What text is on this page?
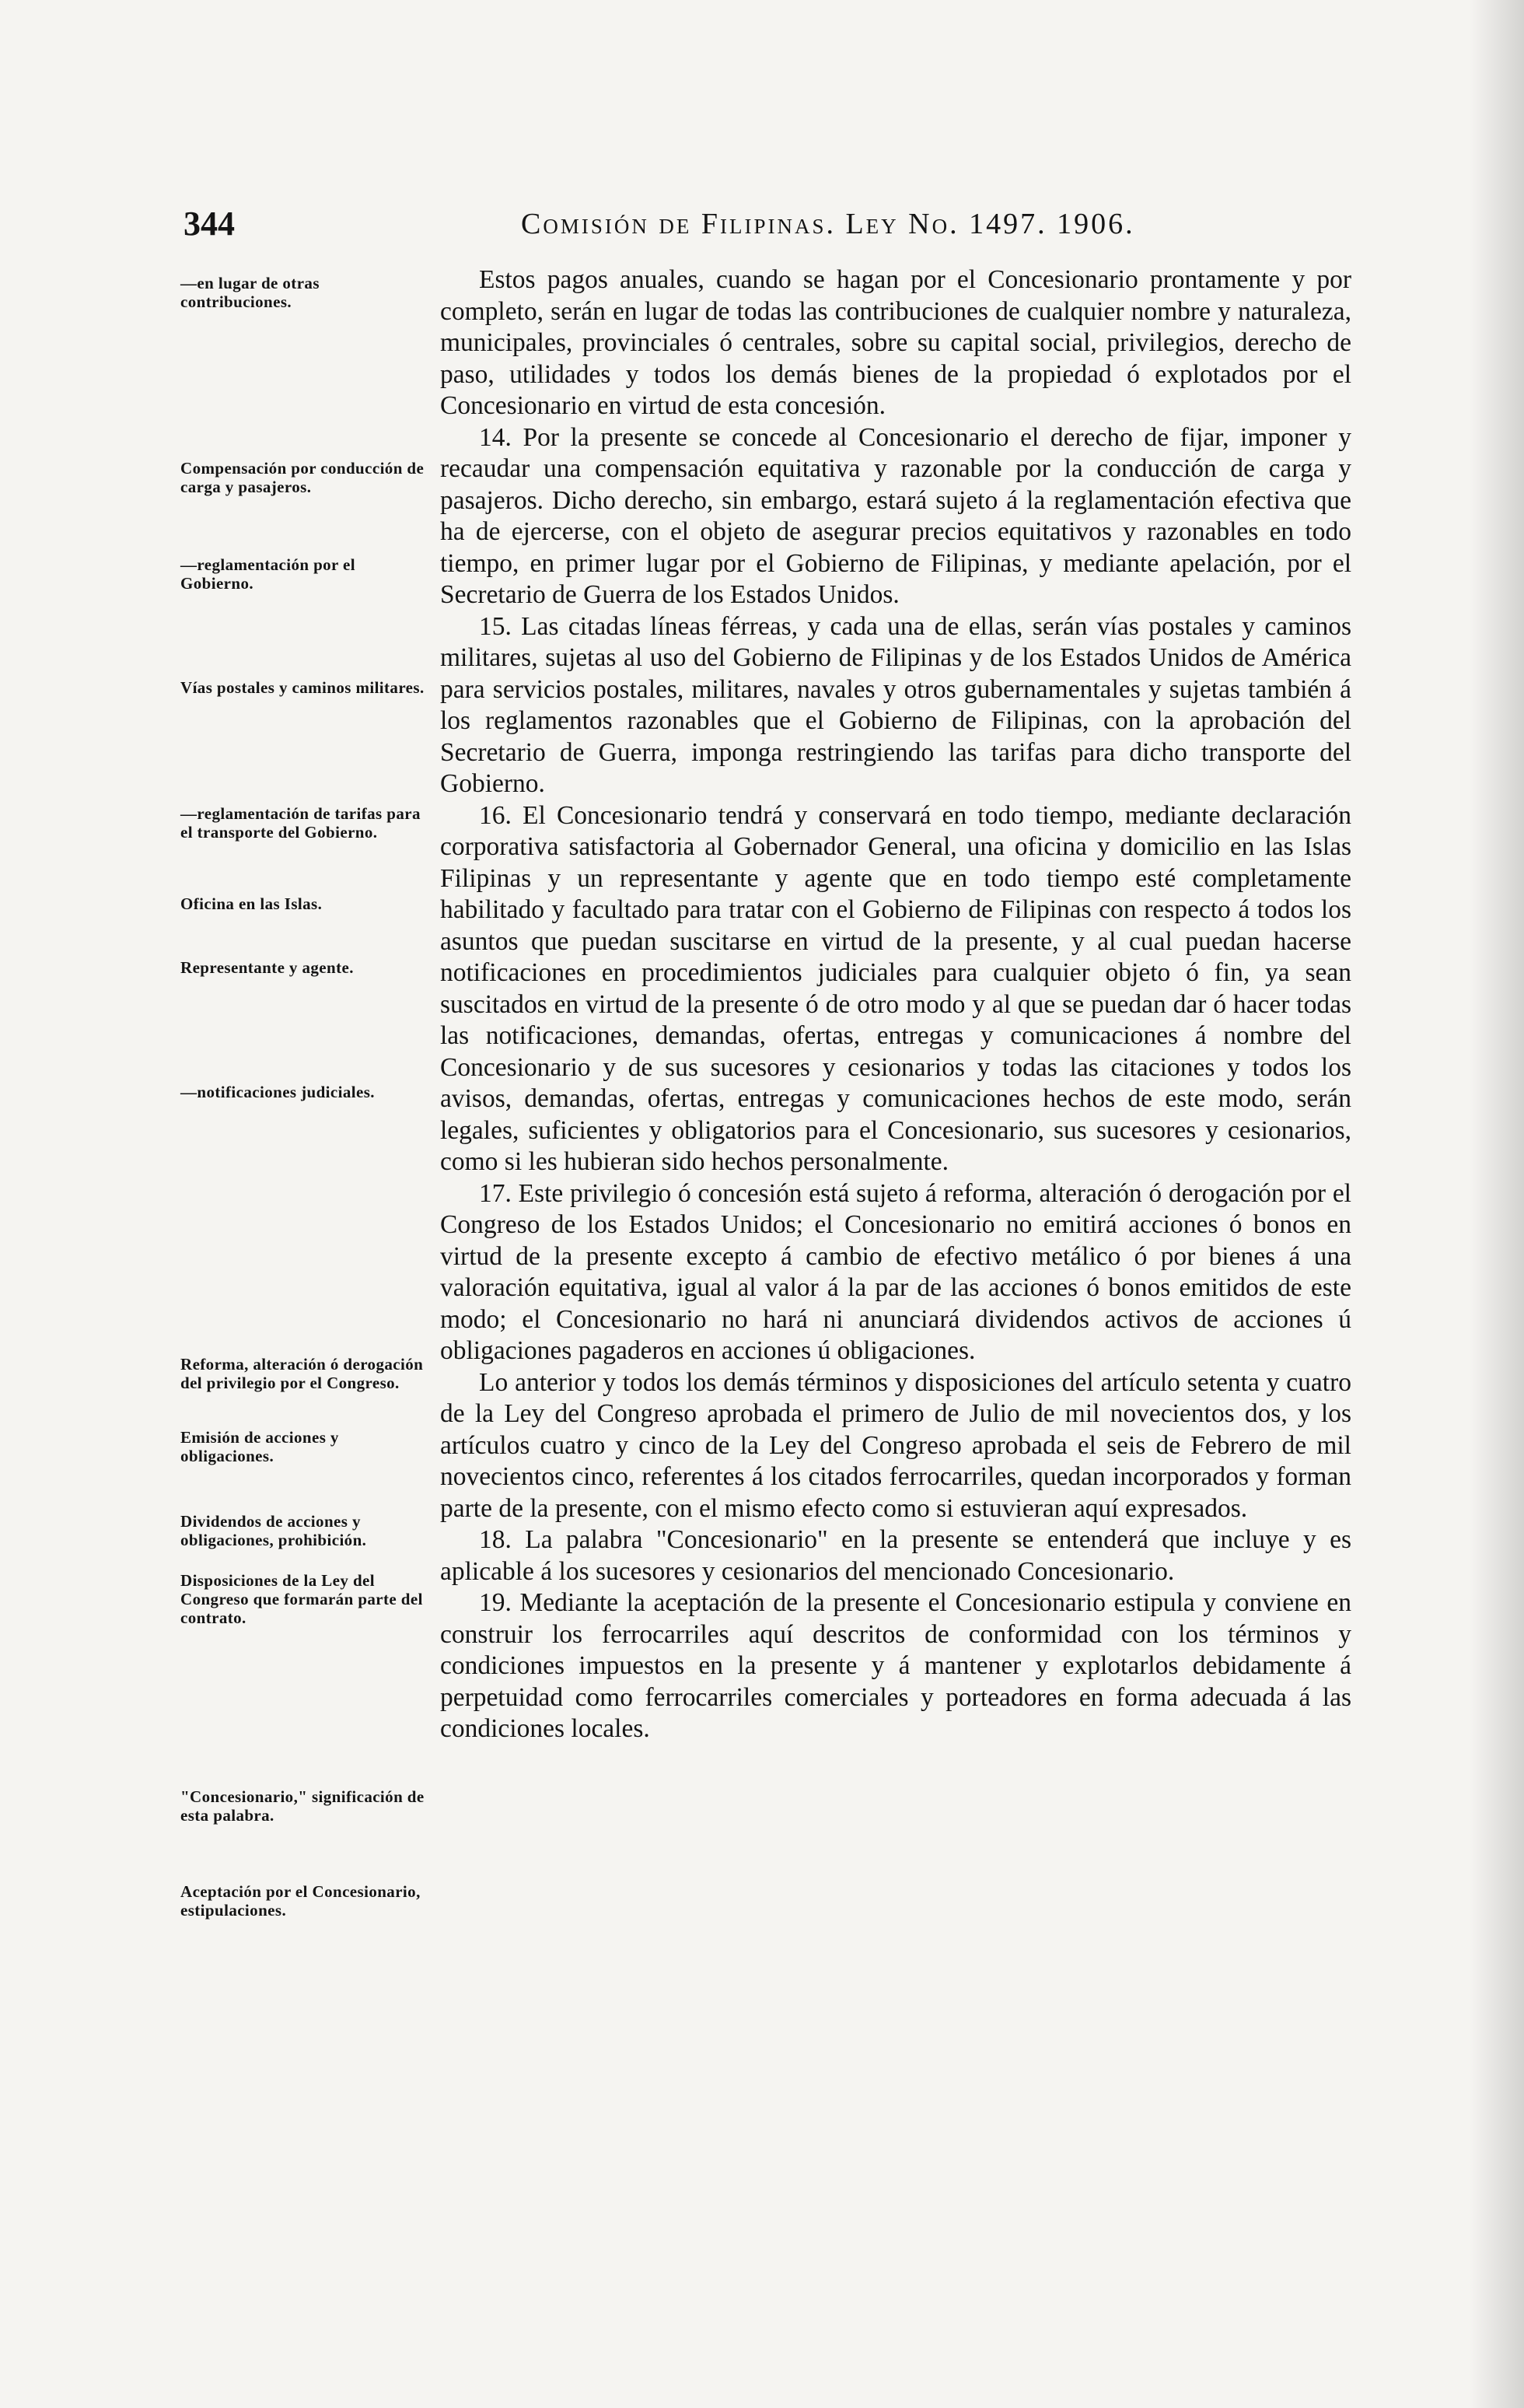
344	Comisión de Filipinas. Ley No. 1497. 1906.
—en lugar de otras contribuciones.
Compensación por conducción de carga y pasajeros.
—reglamentación por el Gobierno.
Vías postales y caminos militares.
—reglamentación de tarifas para el transporte del Gobierno.
Oficina en las Islas.
Representante y agente.
—notificaciones judiciales.
Reforma, alteración ó derogación del privilegio por el Congreso.
Emisión de acciones y obligaciones.
Dividendos de acciones y obligaciones, prohibición.
Disposiciones de la Ley del Congreso que formarán parte del contrato.
"Concesionario," significación de esta palabra.
Aceptación por el Concesionario, estipulaciones.

Estos pagos anuales, cuando se hagan por el Concesionario prontamente y por completo, serán en lugar de todas las contribuciones de cualquier nombre y naturaleza, municipales, provinciales ó centrales, sobre su capital social, privilegios, derecho de paso, utilidades y todos los demás bienes de la propiedad ó explotados por el Concesionario en virtud de esta concesión.

14. Por la presente se concede al Concesionario el derecho de fijar, imponer y recaudar una compensación equitativa y razonable por la conducción de carga y pasajeros. Dicho derecho, sin embargo, estará sujeto á la reglamentación efectiva que ha de ejercerse, con el objeto de asegurar precios equitativos y razonables en todo tiempo, en primer lugar por el Gobierno de Filipinas, y mediante apelación, por el Secretario de Guerra de los Estados Unidos.

15. Las citadas líneas férreas, y cada una de ellas, serán vías postales y caminos militares, sujetas al uso del Gobierno de Filipinas y de los Estados Unidos de América para servicios postales, militares, navales y otros gubernamentales y sujetas también á los reglamentos razonables que el Gobierno de Filipinas, con la aprobación del Secretario de Guerra, imponga restringiendo las tarifas para dicho transporte del Gobierno.

16. El Concesionario tendrá y conservará en todo tiempo, mediante declaración corporativa satisfactoria al Gobernador General, una oficina y domicilio en las Islas Filipinas y un representante y agente que en todo tiempo esté completamente habilitado y facultado para tratar con el Gobierno de Filipinas con respecto á todos los asuntos que puedan suscitarse en virtud de la presente, y al cual puedan hacerse notificaciones en procedimientos judiciales para cualquier objeto ó fin, ya sean suscitados en virtud de la presente ó de otro modo y al que se puedan dar ó hacer todas las notificaciones, demandas, ofertas, entregas y comunicaciones á nombre del Concesionario y de sus sucesores y cesionarios y todas las citaciones y todos los avisos, demandas, ofertas, entregas y comunicaciones hechos de este modo, serán legales, suficientes y obligatorios para el Concesionario, sus sucesores y cesionarios, como si les hubieran sido hechos personalmente.

17. Este privilegio ó concesión está sujeto á reforma, alteración ó derogación por el Congreso de los Estados Unidos; el Concesionario no emitirá acciones ó bonos en virtud de la presente excepto á cambio de efectivo metálico ó por bienes á una valoración equitativa, igual al valor á la par de las acciones ó bonos emitidos de este modo; el Concesionario no hará ni anunciará dividendos activos de acciones ú obligaciones pagaderos en acciones ú obligaciones.

Lo anterior y todos los demás términos y disposiciones del artículo setenta y cuatro de la Ley del Congreso aprobada el primero de Julio de mil novecientos dos, y los artículos cuatro y cinco de la Ley del Congreso aprobada el seis de Febrero de mil novecientos cinco, referentes á los citados ferrocarriles, quedan incorporados y forman parte de la presente, con el mismo efecto como si estuvieran aquí expresados.

18. La palabra "Concesionario" en la presente se entenderá que incluye y es aplicable á los sucesores y cesionarios del mencionado Concesionario.

19. Mediante la aceptación de la presente el Concesionario estipula y conviene en construir los ferrocarriles aquí descritos de conformidad con los términos y condiciones impuestos en la presente y á mantener y explotarlos debidamente á perpetuidad como ferrocarriles comerciales y porteadores en forma adecuada á las condiciones locales.
